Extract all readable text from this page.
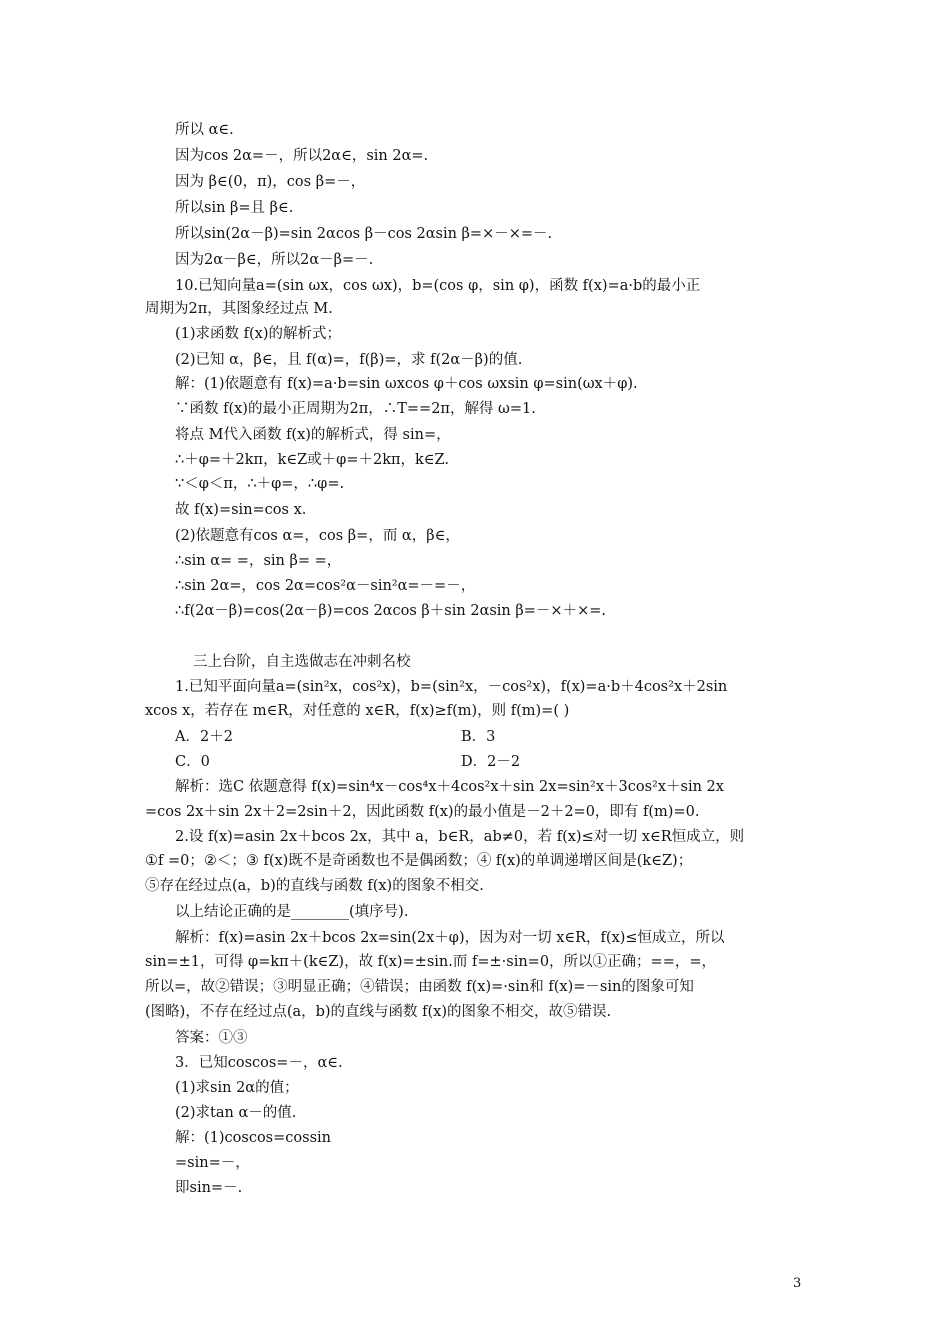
所以 α∈.
因为cos 2α=－，所以2α∈，sin 2α=.
因为 β∈(0，π)，cos β=－，
所以sin β=且 β∈.
所以sin(2α－β)=sin 2αcos β－cos 2αsin β=×－×=－.
因为2α－β∈，所以2α－β=－.
10.已知向量a=(sin ωx，cos ωx)，b=(cos φ，sin φ)，函数 f(x)=a·b的最小正
周期为2π，其图象经过点 M.
(1)求函数 f(x)的解析式；
(2)已知 α，β∈，且 f(α)=，f(β)=，求 f(2α－β)的值.
解：(1)依题意有 f(x)=a·b=sin ωxcos φ＋cos ωxsin φ=sin(ωx＋φ).
∵函数 f(x)的最小正周期为2π，∴T==2π，解得 ω=1.
将点 M代入函数 f(x)的解析式，得 sin=，
∴＋φ=＋2kπ，k∈Z或＋φ=＋2kπ，k∈Z.
∵＜φ＜π，∴＋φ=，∴φ=.
故 f(x)=sin=cos x.
(2)依题意有cos α=，cos β=，而 α，β∈，
∴sin α= =，sin β= =，
∴sin 2α=，cos 2α=cos²α－sin²α=－=－，
∴f(2α－β)=cos(2α－β)=cos 2αcos β＋sin 2αsin β=－×＋×=.
三上台阶，自主选做志在冲刺名校
1.已知平面向量a=(sin²x，cos²x)，b=(sin²x，－cos²x)，f(x)=a·b＋4cos²x＋2sin
xcos x，若存在 m∈R，对任意的 x∈R，f(x)≥f(m)，则 f(m)=( )
A．2＋2	B．3
C．0	D．2－2
解析：选C 依题意得 f(x)=sin⁴x－cos⁴x＋4cos²x＋sin 2x=sin²x＋3cos²x＋sin 2x
=cos 2x＋sin 2x＋2=2sin＋2，因此函数 f(x)的最小值是－2＋2=0，即有 f(m)=0.
2.设 f(x)=asin 2x＋bcos 2x，其中 a，b∈R，ab≠0，若 f(x)≤对一切 x∈R恒成立，则
①f =0；②＜；③ f(x)既不是奇函数也不是偶函数；④ f(x)的单调递增区间是(k∈Z)；
⑤存在经过点(a，b)的直线与函数 f(x)的图象不相交.
以上结论正确的是________(填序号).
解析：f(x)=asin 2x＋bcos 2x=sin(2x＋φ)，因为对一切 x∈R，f(x)≤恒成立，所以
sin=±1，可得 φ=kπ＋(k∈Z)，故 f(x)=±sin.而 f=±·sin=0，所以①正确；==，=，
所以=，故②错误；③明显正确；④错误；由函数 f(x)=·sin和 f(x)=－sin的图象可知
(图略)，不存在经过点(a，b)的直线与函数 f(x)的图象不相交，故⑤错误.
答案：①③
3．已知coscos=－，α∈.
(1)求sin 2α的值；
(2)求tan α－的值.
解：(1)coscos=cossin
=sin=－，
即sin=－.
3
